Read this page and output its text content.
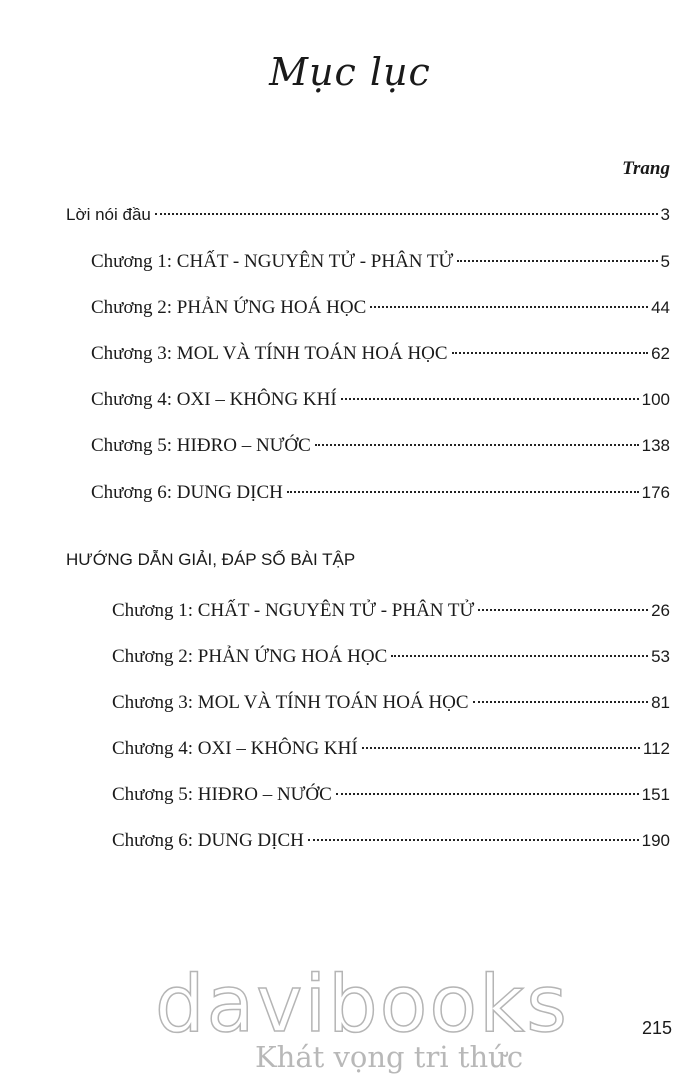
Mục lục
Trang
Lời nói đầu	3
Chương 1: CHẤT - NGUYÊN TỬ - PHÂN TỬ	5
Chương 2: PHẢN ỨNG HOÁ HỌC	44
Chương 3: MOL VÀ TÍNH TOÁN HOÁ HỌC	62
Chương 4: OXI – KHÔNG KHÍ	100
Chương 5: HIĐRO – NƯỚC	138
Chương 6: DUNG DỊCH	176
HƯỚNG DẪN GIẢI, ĐÁP SỐ BÀI TẬP
Chương 1: CHẤT - NGUYÊN TỬ - PHÂN TỬ	26
Chương 2: PHẢN ỨNG HOÁ HỌC	53
Chương 3: MOL VÀ TÍNH TOÁN HOÁ HỌC	81
Chương 4: OXI – KHÔNG KHÍ	112
Chương 5: HIĐRO – NƯỚC	151
Chương 6: DUNG DỊCH	190
davibooks
Khát vọng tri thức
215
